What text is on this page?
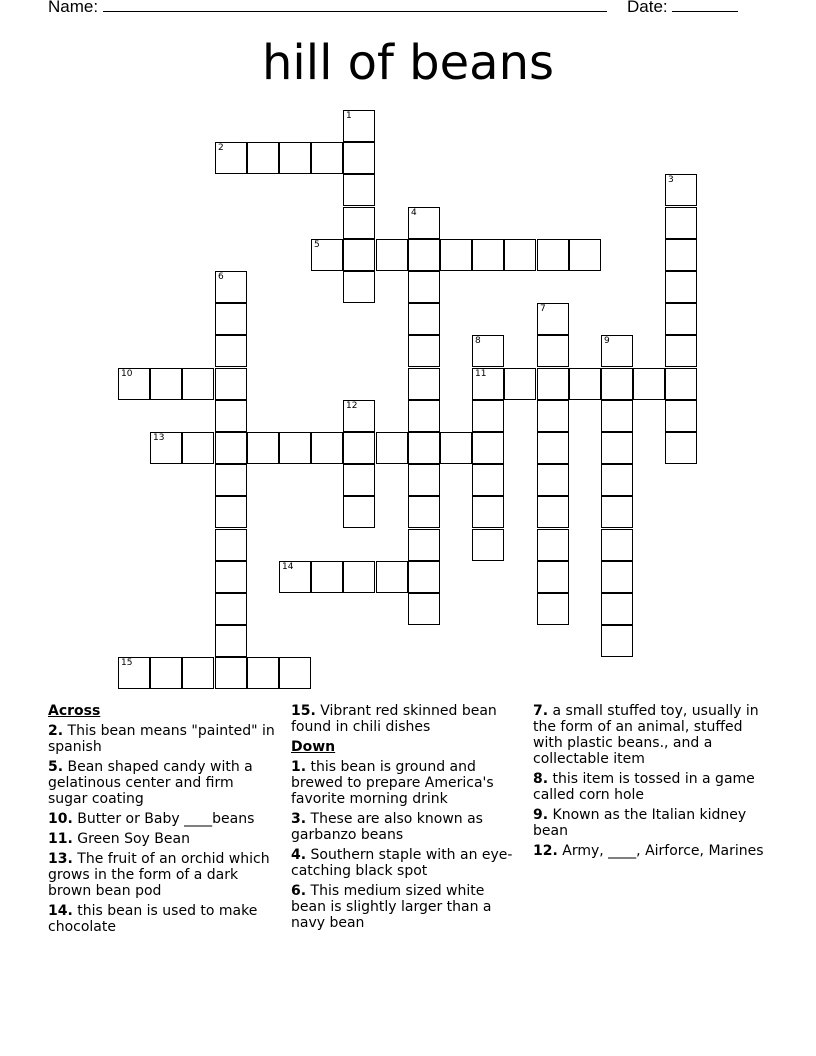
Name:	Date:
hill of beans
1
2
3
4
5
6
7
8
11
9
10
12
13
14
15
Across
2. This bean means "painted" in spanish
5. Bean shaped candy with a gelatinous center and firm sugar coating
10. Butter or Baby ____beans
11. Green Soy Bean
13. The fruit of an orchid which grows in the form of a dark brown bean pod
14. this bean is used to make chocolate
15. Vibrant red skinned bean found in chili dishes
Down
1. this bean is ground and brewed to prepare America's favorite morning drink
3. These are also known as garbanzo beans
4. Southern staple with an eye-catching black spot
6. This medium sized white bean is slightly larger than a navy bean
7. a small stuffed toy, usually in the form of an animal, stuffed with plastic beans., and a collectable item
8. this item is tossed in a game called corn hole
9. Known as the Italian kidney bean
12. Army, ____, Airforce, Marines
